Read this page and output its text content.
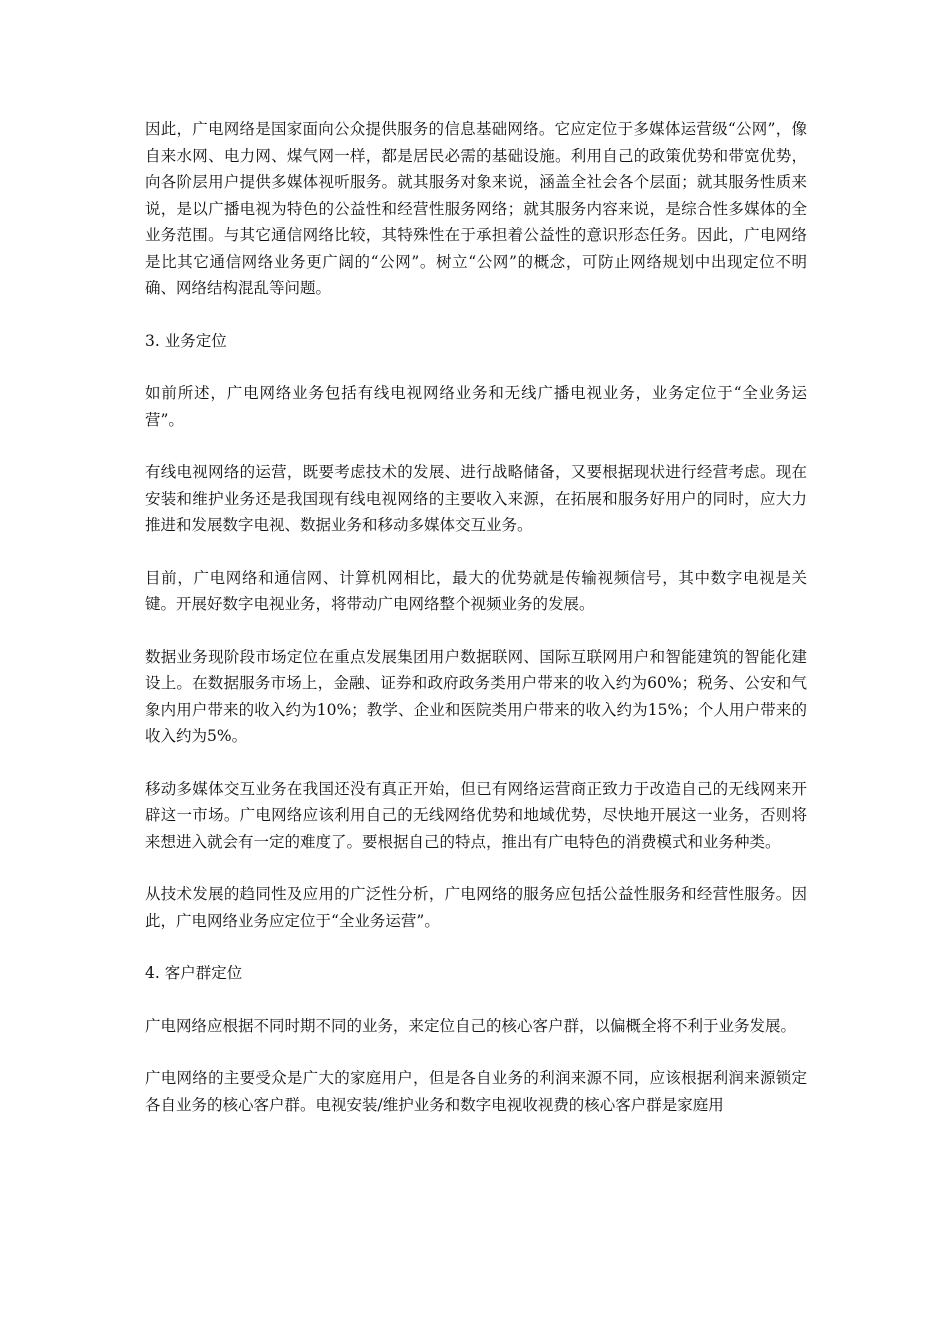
因此，广电网络是国家面向公众提供服务的信息基础网络。它应定位于多媒体运营级“公网”，像自来水网、电力网、煤气网一样，都是居民必需的基础设施。利用自己的政策优势和带宽优势，向各阶层用户提供多媒体视听服务。就其服务对象来说，涵盖全社会各个层面；就其服务性质来说，是以广播电视为特色的公益性和经营性服务网络；就其服务内容来说，是综合性多媒体的全业务范围。与其它通信网络比较，其特殊性在于承担着公益性的意识形态任务。因此，广电网络是比其它通信网络业务更广阔的“公网”。树立“公网”的概念，可防止网络规划中出现定位不明确、网络结构混乱等问题。

3. 业务定位

如前所述，广电网络业务包括有线电视网络业务和无线广播电视业务，业务定位于“全业务运营”。

有线电视网络的运营，既要考虑技术的发展、进行战略储备，又要根据现状进行经营考虑。现在安装和维护业务还是我国现有线电视网络的主要收入来源，在拓展和服务好用户的同时，应大力推进和发展数字电视、数据业务和移动多媒体交互业务。

目前，广电网络和通信网、计算机网相比，最大的优势就是传输视频信号，其中数字电视是关键。开展好数字电视业务，将带动广电网络整个视频业务的发展。

数据业务现阶段市场定位在重点发展集团用户数据联网、国际互联网用户和智能建筑的智能化建设上。在数据服务市场上，金融、证券和政府政务类用户带来的收入约为60%；税务、公安和气象内用户带来的收入约为10%；教学、企业和医院类用户带来的收入约为15%；个人用户带来的收入约为5%。

移动多媒体交互业务在我国还没有真正开始，但已有网络运营商正致力于改造自己的无线网来开辟这一市场。广电网络应该利用自己的无线网络优势和地域优势，尽快地开展这一业务，否则将来想进入就会有一定的难度了。要根据自己的特点，推出有广电特色的消费模式和业务种类。

从技术发展的趋同性及应用的广泛性分析，广电网络的服务应包括公益性服务和经营性服务。因此，广电网络业务应定位于“全业务运营”。

4. 客户群定位

广电网络应根据不同时期不同的业务，来定位自己的核心客户群，以偏概全将不利于业务发展。

广电网络的主要受众是广大的家庭用户，但是各自业务的利润来源不同，应该根据利润来源锁定各自业务的核心客户群。电视安装/维护业务和数字电视收视费的核心客户群是家庭用
